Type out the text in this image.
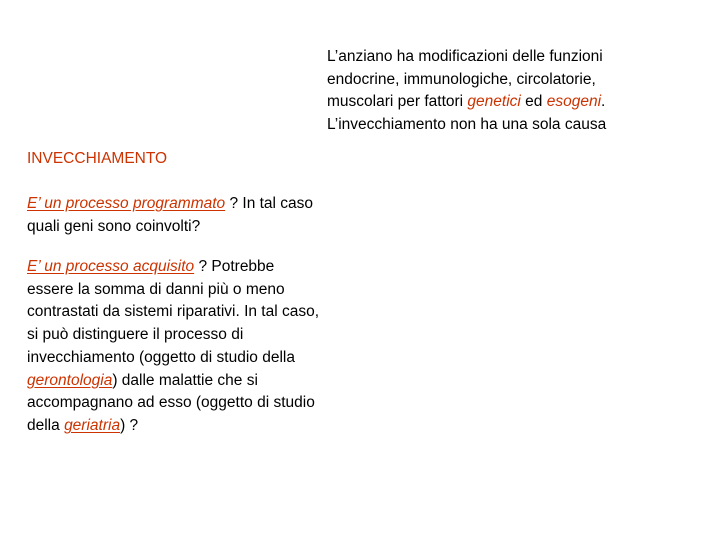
L’anziano ha modificazioni delle funzioni
endocrine, immunologiche, circolatorie,
muscolari per fattori genetici ed esogeni.
L’invecchiamento non ha una sola causa
INVECCHIAMENTO
E’ un processo programmato ? In tal caso
quali geni sono coinvolti?
E’ un processo acquisito ? Potrebbe
essere la somma di danni più o meno
contrastati da sistemi riparativi. In tal caso,
si può distinguere il processo di
invecchiamento (oggetto di studio della
gerontologia) dalle malattie che si
accompagnano ad esso (oggetto di studio
della geriatria) ?
